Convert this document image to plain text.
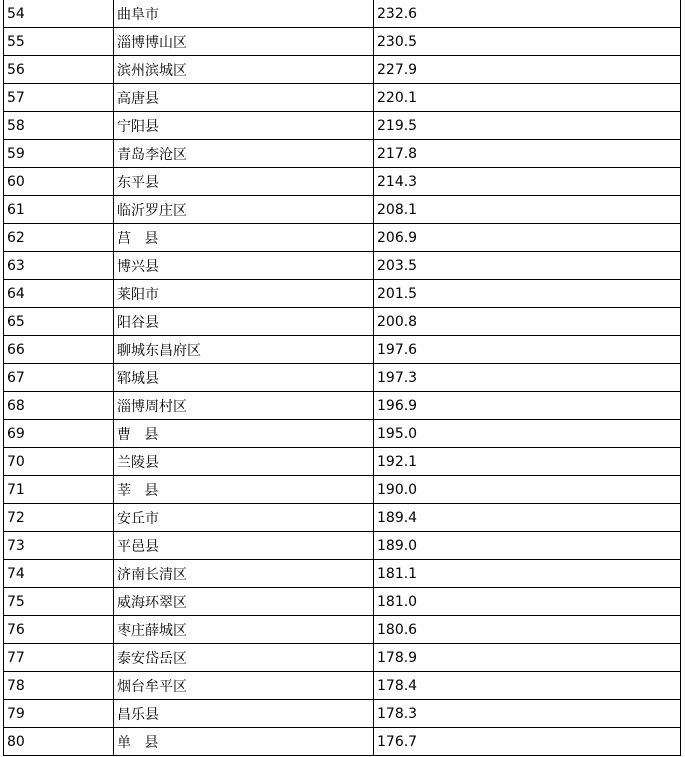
54	曲阜市	232.6
55	淄博博山区	230.5
56	滨州滨城区	227.9
57	高唐县	220.1
58	宁阳县	219.5
59	青岛李沧区	217.8
60	东平县	214.3
61	临沂罗庄区	208.1
62	莒   县	206.9
63	博兴县	203.5
64	莱阳市	201.5
65	阳谷县	200.8
66	聊城东昌府区	197.6
67	郓城县	197.3
68	淄博周村区	196.9
69	曹   县	195.0
70	兰陵县	192.1
71	莘   县	190.0
72	安丘市	189.4
73	平邑县	189.0
74	济南长清区	181.1
75	威海环翠区	181.0
76	枣庄薛城区	180.6
77	泰安岱岳区	178.9
78	烟台牟平区	178.4
79	昌乐县	178.3
80	单   县	176.7
